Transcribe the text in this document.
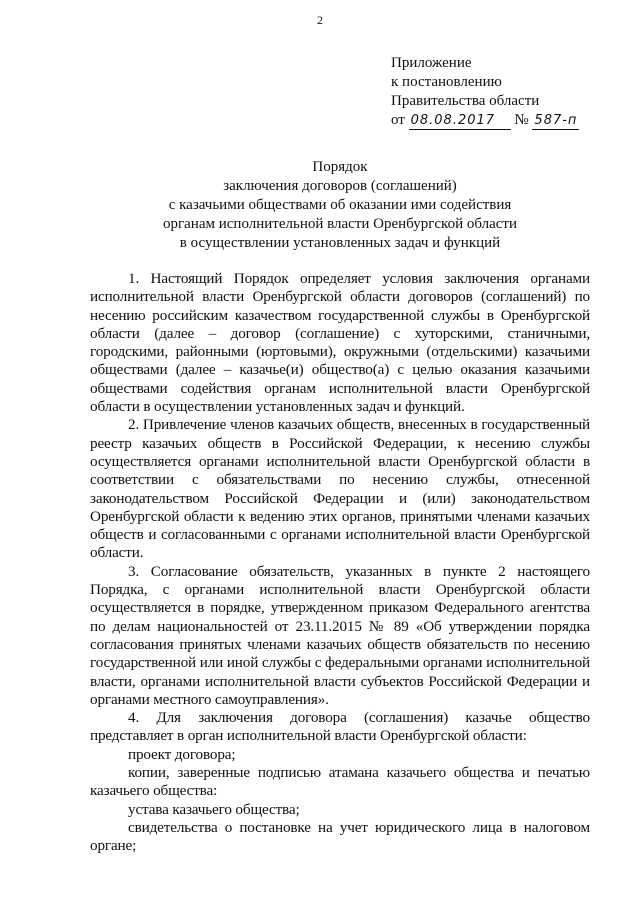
2
Приложение
к постановлению
Правительства области
от 08.08.2017 № 587-п
Порядок
заключения договоров (соглашений)
с казачьими обществами об оказании ими содействия
органам исполнительной власти Оренбургской области
в осуществлении установленных задач и функций

1. Настоящий Порядок определяет условия заключения органами исполнительной власти Оренбургской области договоров (соглашений) по несению российским казачеством государственной службы в Оренбургской области (далее – договор (соглашение) с хуторскими, станичными, городскими, районными (юртовыми), окружными (отдельскими) казачьими обществами (далее – казачье(и) общество(а) с целью оказания казачьими обществами содействия органам исполнительной власти Оренбургской области в осуществлении установленных задач и функций.

2. Привлечение членов казачьих обществ, внесенных в государственный реестр казачьих обществ в Российской Федерации, к несению службы осуществляется органами исполнительной власти Оренбургской области в соответствии с обязательствами по несению службы, отнесенной законодательством Российской Федерации и (или) законодательством Оренбургской области к ведению этих органов, принятыми членами казачьих обществ и согласованными с органами исполнительной власти Оренбургской области.

3. Согласование обязательств, указанных в пункте 2 настоящего Порядка, с органами исполнительной власти Оренбургской области осуществляется в порядке, утвержденном приказом Федерального агентства по делам национальностей от 23.11.2015 № 89 «Об утверждении порядка согласования принятых членами казачьих обществ обязательств по несению государственной или иной службы с федеральными органами исполнительной власти, органами исполнительной власти субъектов Российской Федерации и органами местного самоуправления».

4. Для заключения договора (соглашения) казачье общество представляет в орган исполнительной власти Оренбургской области:

проект договора;

копии, заверенные подписью атамана казачьего общества и печатью казачьего общества:

устава казачьего общества;

свидетельства о постановке на учет юридического лица в налоговом органе;
